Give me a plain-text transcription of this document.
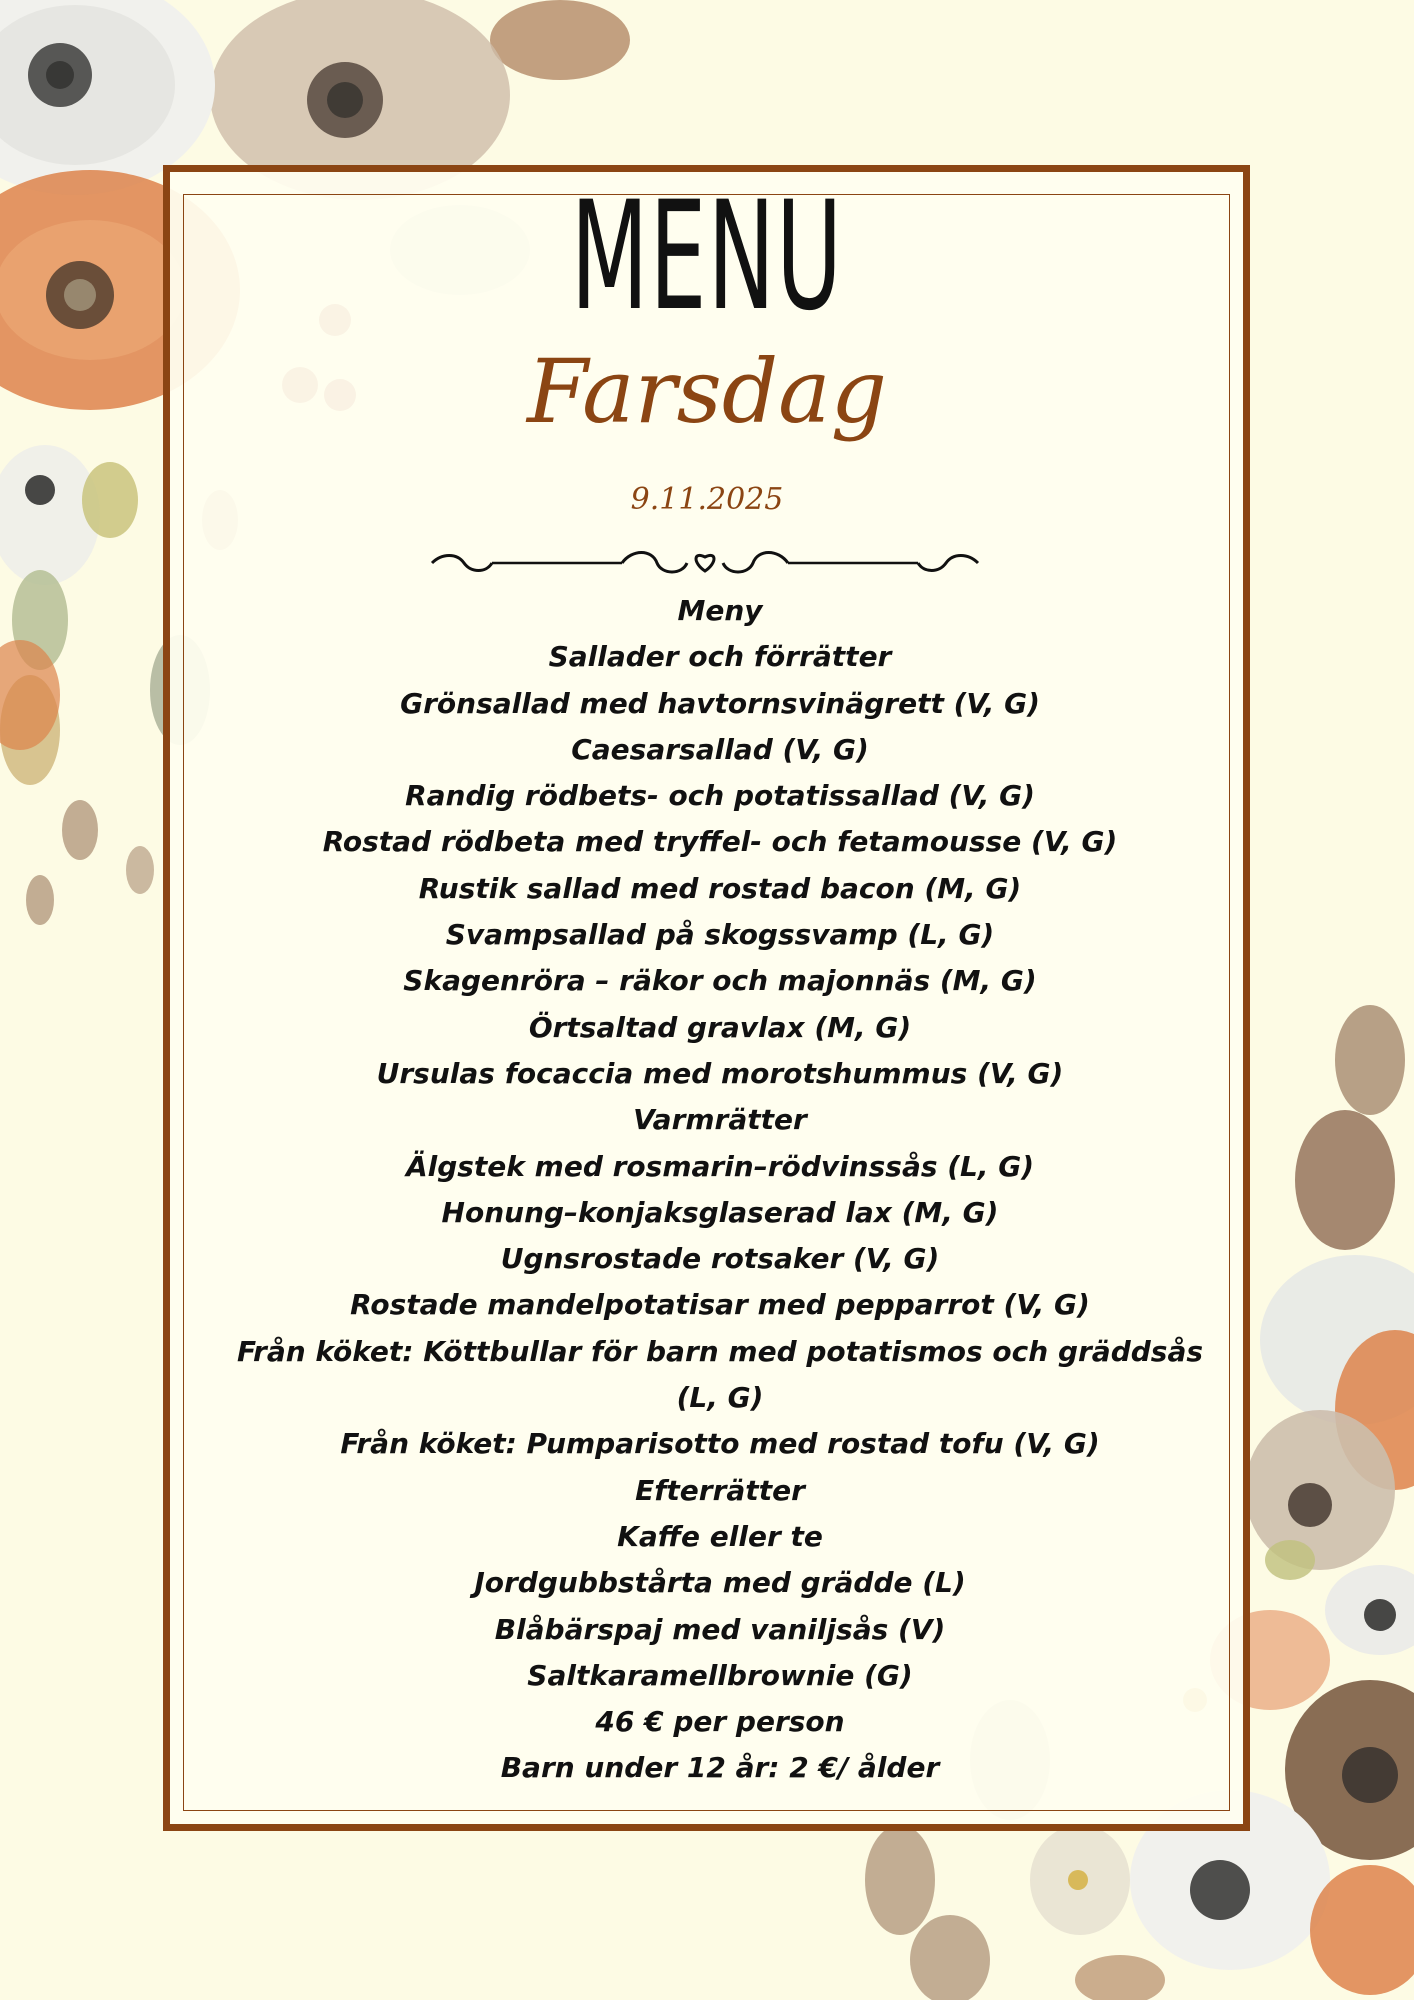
MENU
Farsdag
9.11.2025
Meny
Sallader och förrätter
Grönsallad med havtornsvinägrett (V, G)
Caesarsallad (V, G)
Randig rödbets- och potatissallad (V, G)
Rostad rödbeta med tryffel- och fetamousse (V, G)
Rustik sallad med rostad bacon (M, G)
Svampsallad på skogssvamp (L, G)
Skagenröra – räkor och majonnäs (M, G)
Örtsaltad gravlax (M, G)
Ursulas focaccia med morotshummus (V, G)
Varmrätter
Älgstek med rosmarin–rödvinssås (L, G)
Honung–konjaksglaserad lax (M, G)
Ugnsrostade rotsaker (V, G)
Rostade mandelpotatisar med pepparrot (V, G)
Från köket: Köttbullar för barn med potatismos och gräddsås
(L, G)
Från köket: Pumparisotto med rostad tofu (V, G)
Efterrätter
Kaffe eller te
Jordgubbstårta med grädde (L)
Blåbärspaj med vaniljsås (V)
Saltkaramellbrownie (G)
46 € per person
Barn under 12 år: 2 €/ ålder
